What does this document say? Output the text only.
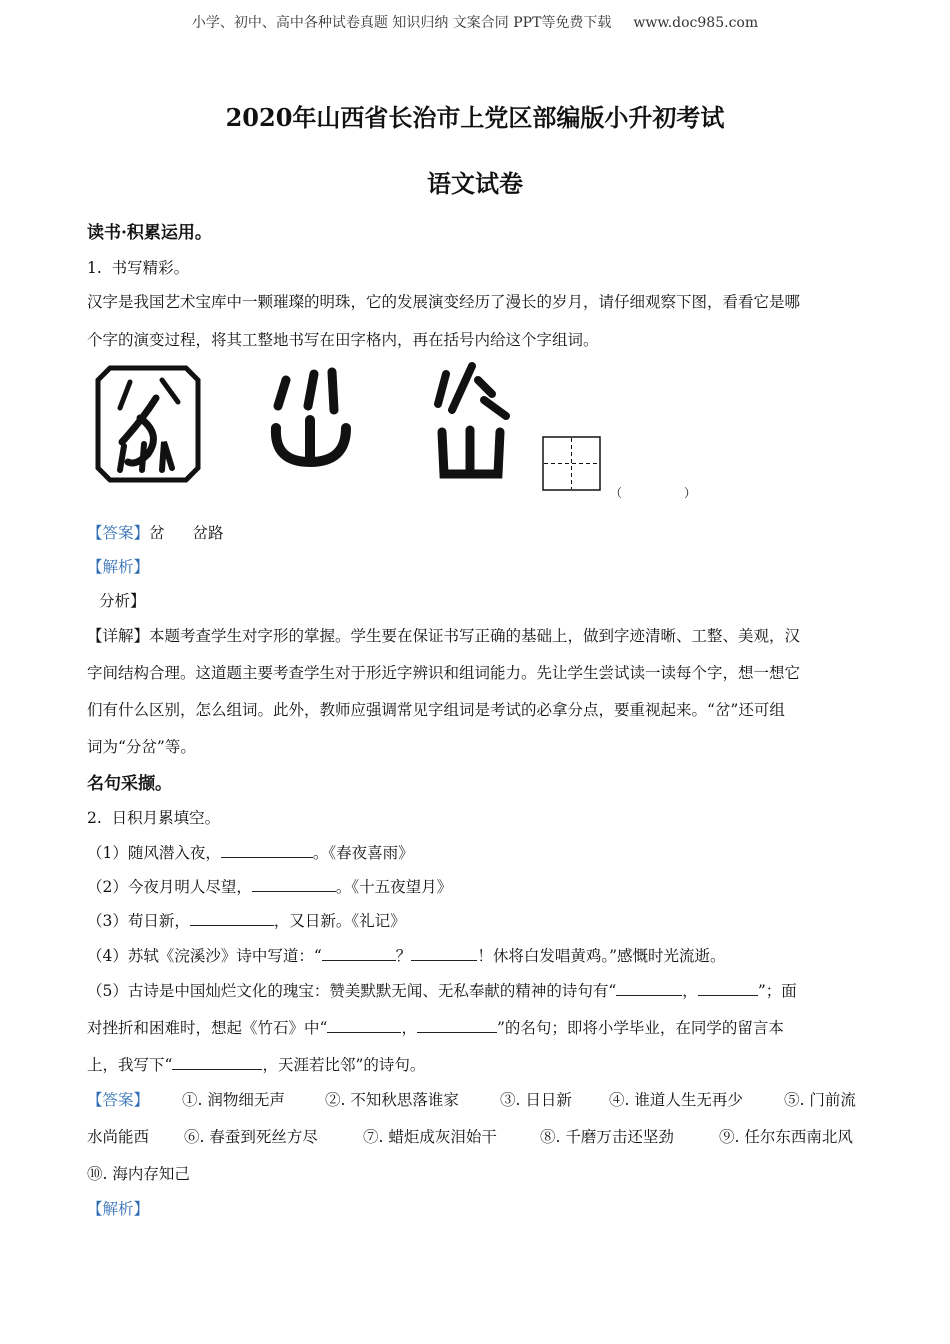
小学、初中、高中各种试卷真题 知识归纳 文案合同 PPT等免费下载 www.doc985.com
2020年山西省长治市上党区部编版小升初考试
语文试卷
读书·积累运用。
1. 书写精彩。
汉字是我国艺术宝库中一颗璀璨的明珠，它的发展演变经历了漫长的岁月，请仔细观察下图，看看它是哪
个字的演变过程，将其工整地书写在田字格内，再在括号内给这个字组词。
（	）
【答案】岔 岔路
【解析】
分析】
【详解】本题考查学生对字形的掌握。学生要在保证书写正确的基础上，做到字迹清晰、工整、美观，汉
字间结构合理。这道题主要考查学生对于形近字辨识和组词能力。先让学生尝试读一读每个字，想一想它
们有什么区别，怎么组词。此外，教师应强调常见字组词是考试的必拿分点，要重视起来。“岔”还可组
词为“分岔”等。
名句采撷。
2. 日积月累填空。
（1）随风潜入夜，	。《春夜喜雨》
（2）今夜月明人尽望，	。《十五夜望月》
（3）苟日新，	，又日新。《礼记》
（4）苏轼《浣溪沙》诗中写道：“	？	！休将白发唱黄鸡。”感慨时光流逝。
（5）古诗是中国灿烂文化的瑰宝：赞美默默无闻、无私奉献的精神的诗句有“	，	”；面
对挫折和困难时，想起《竹石》中“	，	”的名句；即将小学毕业，在同学的留言本
上，我写下“	，天涯若比邻”的诗句。
【答案】 ①. 润物细无声	②. 不知秋思落谁家	③. 日日新 ④. 谁道人生无再少	⑤. 门前流
水尚能西 ⑥. 春蚕到死丝方尽	⑦. 蜡炬成灰泪始干	⑧. 千磨万击还坚劲	⑨. 任尔东西南北风
⑩. 海内存知己
【解析】
